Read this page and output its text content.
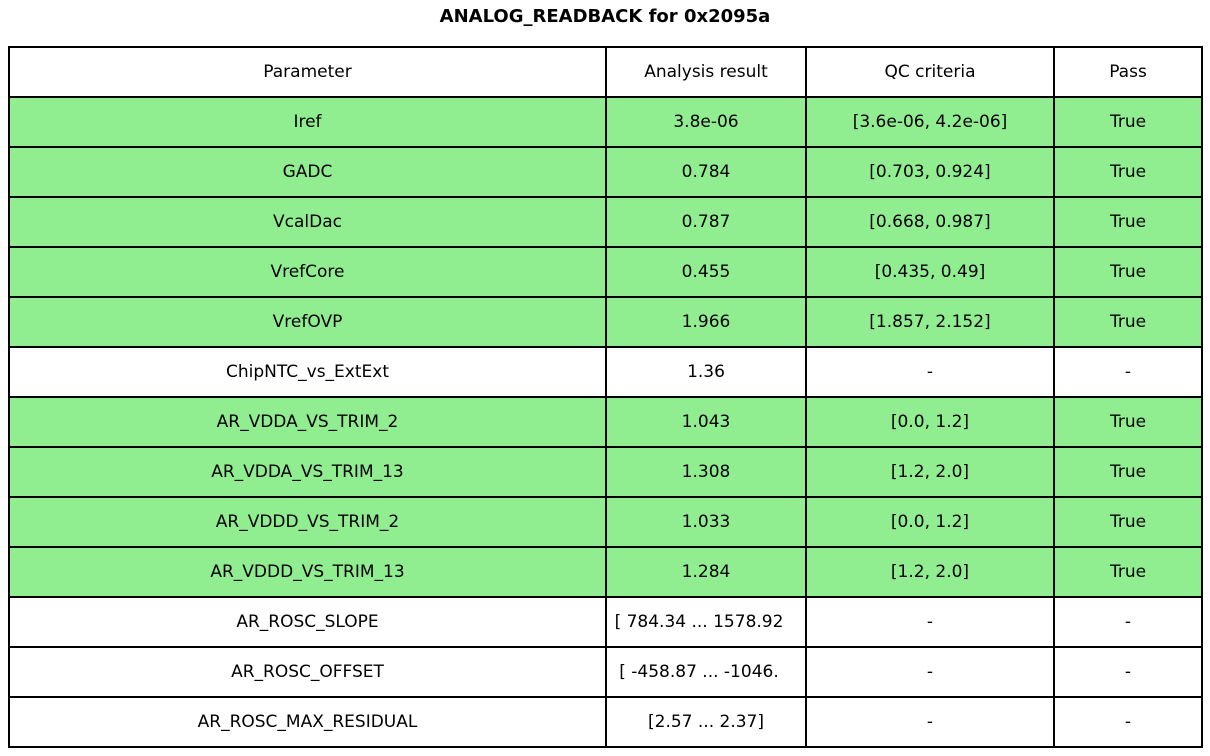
ANALOG_READBACK for 0x2095a
Parameter	Analysis result	QC criteria	Pass
Iref	3.8e-06	[3.6e-06, 4.2e-06]	True
GADC	0.784	[0.703, 0.924]	True
VcalDac	0.787	[0.668, 0.987]	True
VrefCore	0.455	[0.435, 0.49]	True
VrefOVP	1.966	[1.857, 2.152]	True
ChipNTC_vs_ExtExt	1.36	-	-
AR_VDDA_VS_TRIM_2	1.043	[0.0, 1.2]	True
AR_VDDA_VS_TRIM_13	1.308	[1.2, 2.0]	True
AR_VDDD_VS_TRIM_2	1.033	[0.0, 1.2]	True
AR_VDDD_VS_TRIM_13	1.284	[1.2, 2.0]	True
AR_ROSC_SLOPE	[ 784.34 ... 1578.92	-	-
AR_ROSC_OFFSET	[ -458.87 ... -1046.	-	-
AR_ROSC_MAX_RESIDUAL	[2.57 ... 2.37]	-	-
